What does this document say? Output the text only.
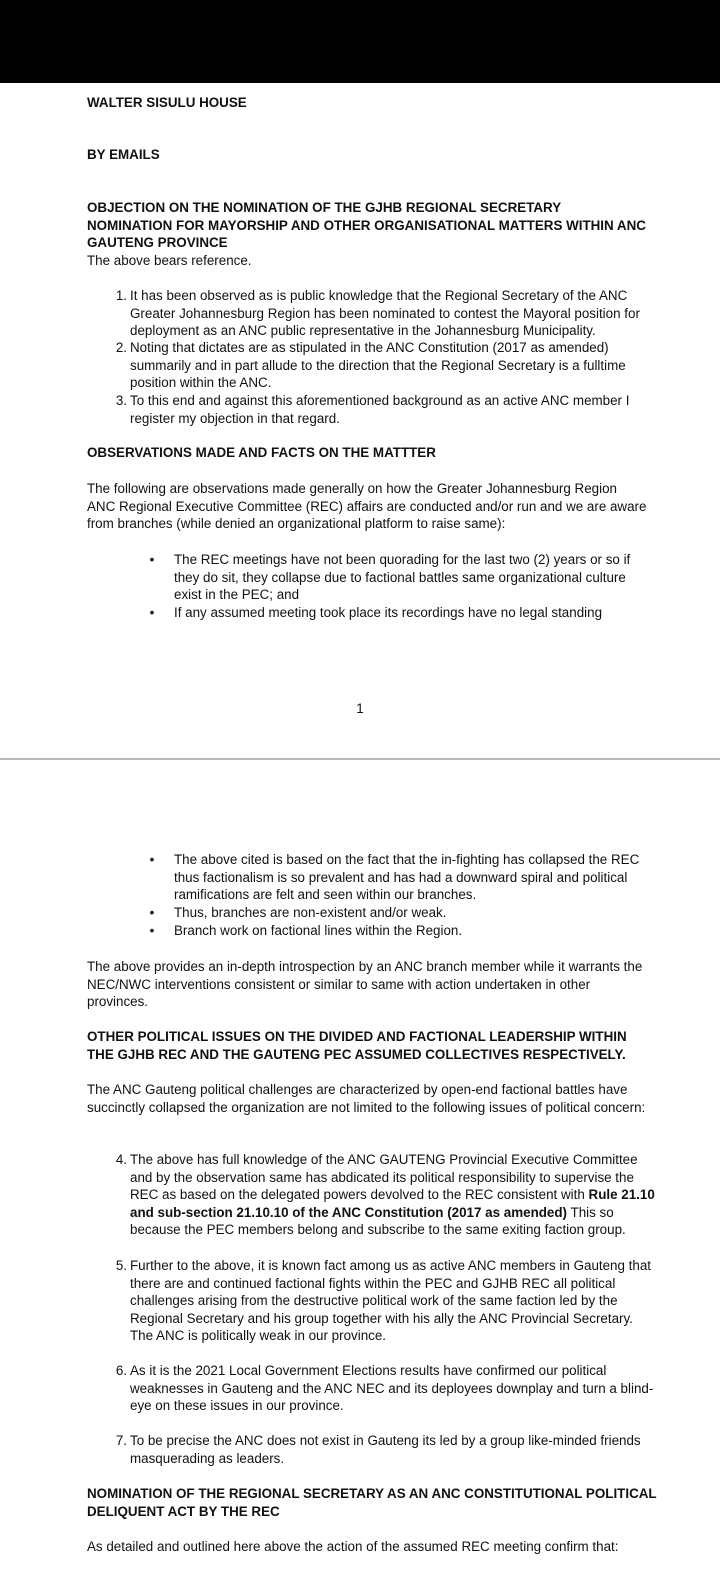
WALTER SISULU HOUSE

BY EMAILS

OBJECTION ON THE NOMINATION OF THE GJHB REGIONAL SECRETARY NOMINATION FOR MAYORSHIP AND OTHER ORGANISATIONAL MATTERS WITHIN ANC GAUTENG PROVINCE

The above bears reference.

1. It has been observed as is public knowledge that the Regional Secretary of the ANC Greater Johannesburg Region has been nominated to contest the Mayoral position for deployment as an ANC public representative in the Johannesburg Municipality.
2. Noting that dictates are as stipulated in the ANC Constitution (2017 as amended) summarily and in part allude to the direction that the Regional Secretary is a fulltime position within the ANC.
3. To this end and against this aforementioned background as an active ANC member I register my objection in that regard.

OBSERVATIONS MADE AND FACTS ON THE MATTTER

The following are observations made generally on how the Greater Johannesburg Region ANC Regional Executive Committee (REC) affairs are conducted and/or run and we are aware from branches (while denied an organizational platform to raise same):

•	The REC meetings have not been quorading for the last two (2) years or so if they do sit, they collapse due to factional battles same organizational culture exist in the PEC; and
•	If any assumed meeting took place its recordings have no legal standing
1
•	The above cited is based on the fact that the in-fighting has collapsed the REC thus factionalism is so prevalent and has had a downward spiral and political ramifications are felt and seen within our branches.
•	Thus, branches are non-existent and/or weak.
•	Branch work on factional lines within the Region.

The above provides an in-depth introspection by an ANC branch member while it warrants the NEC/NWC interventions consistent or similar to same with action undertaken in other provinces.

OTHER POLITICAL ISSUES ON THE DIVIDED AND FACTIONAL LEADERSHIP WITHIN THE GJHB REC AND THE GAUTENG PEC ASSUMED COLLECTIVES RESPECTIVELY.

The ANC Gauteng political challenges are characterized by open-end factional battles have succinctly collapsed the organization are not limited to the following issues of political concern:

4. The above has full knowledge of the ANC GAUTENG Provincial Executive Committee and by the observation same has abdicated its political responsibility to supervise the REC as based on the delegated powers devolved to the REC consistent with Rule 21.10 and sub-section 21.10.10 of the ANC Constitution (2017 as amended) This so because the PEC members belong and subscribe to the same exiting faction group.
5. Further to the above, it is known fact among us as active ANC members in Gauteng that there are and continued factional fights within the PEC and GJHB REC all political challenges arising from the destructive political work of the same faction led by the Regional Secretary and his group together with his ally the ANC Provincial Secretary. The ANC is politically weak in our province.
6. As it is the 2021 Local Government Elections results have confirmed our political weaknesses in Gauteng and the ANC NEC and its deployees downplay and turn a blind-eye on these issues in our province.
7. To be precise the ANC does not exist in Gauteng its led by a group like-minded friends masquerading as leaders.

NOMINATION OF THE REGIONAL SECRETARY AS AN ANC CONSTITUTIONAL POLITICAL DELIQUENT ACT BY THE REC

As detailed and outlined here above the action of the assumed REC meeting confirm that:
